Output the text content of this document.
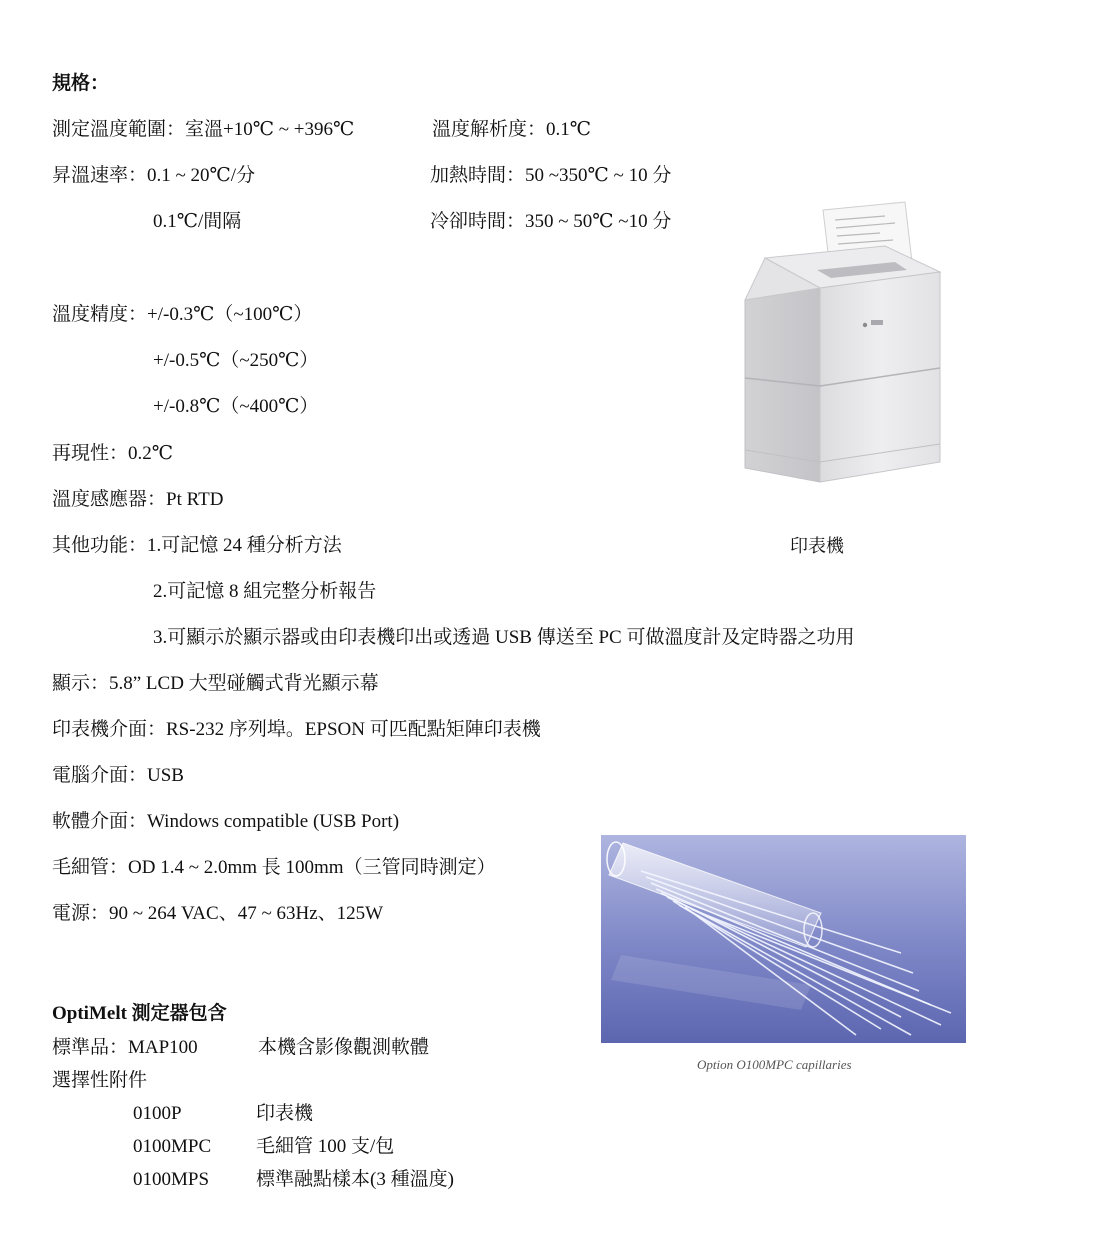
規格：
測定溫度範圍：室溫+10℃ ~ +396℃	溫度解析度：0.1℃
昇溫速率：0.1 ~ 20℃/分	加熱時間：50 ~350℃ ~ 10 分
0.1℃/間隔	冷卻時間：350 ~ 50℃ ~10 分
溫度精度：+/-0.3℃（~100℃）
+/-0.5℃（~250℃）
+/-0.8℃（~400℃）
再現性：0.2℃
溫度感應器：Pt RTD
其他功能：1.可記憶 24 種分析方法
2.可記憶 8 組完整分析報告
3.可顯示於顯示器或由印表機印出或透過 USB 傳送至 PC 可做溫度計及定時器之功用
顯示：5.8” LCD 大型碰觸式背光顯示幕
印表機介面：RS-232 序列埠。EPSON 可匹配點矩陣印表機
電腦介面：USB
軟體介面：Windows compatible (USB Port)
毛細管：OD 1.4 ~ 2.0mm 長 100mm（三管同時測定）
電源：90 ~ 264 VAC、47 ~ 63Hz、125W
印表機
Option O100MPC capillaries
OptiMelt 測定器包含
標準品：MAP100	本機含影像觀測軟體
選擇性附件
0100P	印表機
0100MPC 毛細管 100 支/包
0100MPS 標準融點樣本(3 種溫度)
